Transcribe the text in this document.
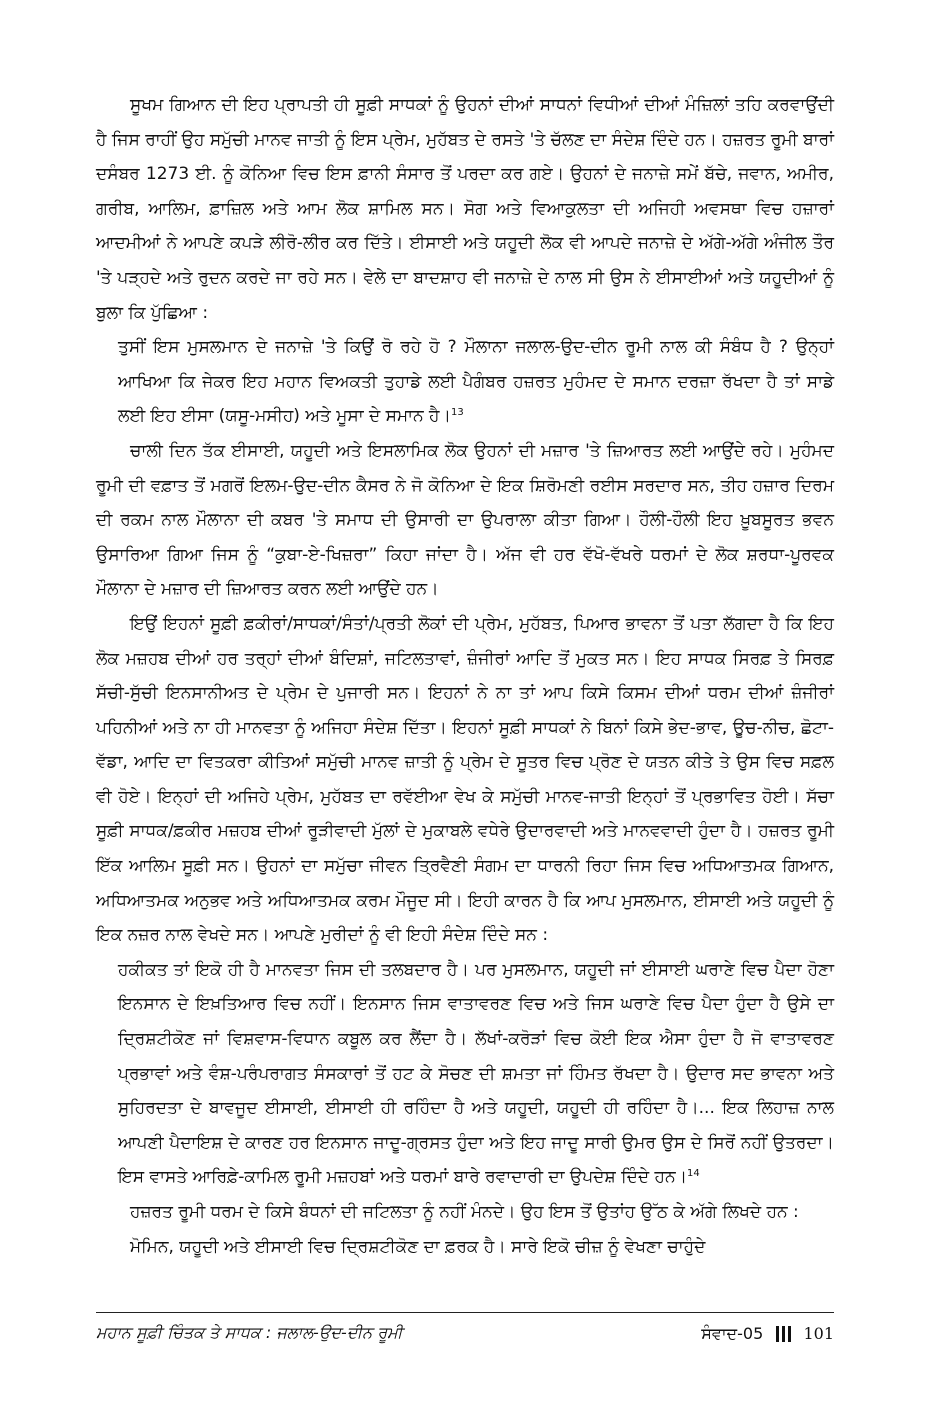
ਸੂਖਮ ਗਿਆਨ ਦੀ ਇਹ ਪ੍ਰਾਪਤੀ ਹੀ ਸੂਫ਼ੀ ਸਾਧਕਾਂ ਨੂੰ ਉਹਨਾਂ ਦੀਆਂ ਸਾਧਨਾਂ ਵਿਧੀਆਂ ਦੀਆਂ ਮੰਜ਼ਿਲਾਂ ਤਹਿ ਕਰਵਾਉਂਦੀ ਹੈ ਜਿਸ ਰਾਹੀਂ ਉਹ ਸਮੁੱਚੀ ਮਾਨਵ ਜਾਤੀ ਨੂੰ ਇਸ ਪ੍ਰੇਮ, ਮੁਹੱਬਤ ਦੇ ਰਸਤੇ 'ਤੇ ਚੱਲਣ ਦਾ ਸੰਦੇਸ਼ ਦਿੰਦੇ ਹਨ। ਹਜ਼ਰਤ ਰੂਮੀ ਬਾਰਾਂ ਦਸੰਬਰ 1273 ਈ. ਨੂੰ ਕੋਨਿਆ ਵਿਚ ਇਸ ਫ਼ਾਨੀ ਸੰਸਾਰ ਤੋਂ ਪਰਦਾ ਕਰ ਗਏ। ਉਹਨਾਂ ਦੇ ਜਨਾਜ਼ੇ ਸਮੇਂ ਬੱਚੇ, ਜਵਾਨ, ਅਮੀਰ, ਗਰੀਬ, ਆਲਿਮ, ਫ਼ਾਜ਼ਿਲ ਅਤੇ ਆਮ ਲੋਕ ਸ਼ਾਮਿਲ ਸਨ। ਸੋਗ ਅਤੇ ਵਿਆਕੁਲਤਾ ਦੀ ਅਜਿਹੀ ਅਵਸਥਾ ਵਿਚ ਹਜ਼ਾਰਾਂ ਆਦਮੀਆਂ ਨੇ ਆਪਣੇ ਕਪੜੇ ਲੀਰੋ-ਲੀਰ ਕਰ ਦਿੱਤੇ। ਈਸਾਈ ਅਤੇ ਯਹੂਦੀ ਲੋਕ ਵੀ ਆਪਦੇ ਜਨਾਜ਼ੇ ਦੇ ਅੱਗੇ-ਅੱਗੇ ਅੰਜੀਲ ਤੌਰ 'ਤੇ ਪੜ੍ਹਦੇ ਅਤੇ ਰੁਦਨ ਕਰਦੇ ਜਾ ਰਹੇ ਸਨ। ਵੇਲੇ ਦਾ ਬਾਦਸ਼ਾਹ ਵੀ ਜਨਾਜ਼ੇ ਦੇ ਨਾਲ ਸੀ ਉਸ ਨੇ ਈਸਾਈਆਂ ਅਤੇ ਯਹੂਦੀਆਂ ਨੂੰ ਬੁਲਾ ਕਿ ਪੁੱਛਿਆ :

ਤੁਸੀਂ ਇਸ ਮੁਸਲਮਾਨ ਦੇ ਜਨਾਜ਼ੇ 'ਤੇ ਕਿਉਂ ਰੋ ਰਹੇ ਹੋ ? ਮੌਲਾਨਾ ਜਲਾਲ-ਉਦ-ਦੀਨ ਰੂਮੀ ਨਾਲ ਕੀ ਸੰਬੰਧ ਹੈ ? ਉਨ੍ਹਾਂ ਆਖਿਆ ਕਿ ਜੇਕਰ ਇਹ ਮਹਾਨ ਵਿਅਕਤੀ ਤੁਹਾਡੇ ਲਈ ਪੈਗੰਬਰ ਹਜ਼ਰਤ ਮੁਹੰਮਦ ਦੇ ਸਮਾਨ ਦਰਜ਼ਾ ਰੱਖਦਾ ਹੈ ਤਾਂ ਸਾਡੇ ਲਈ ਇਹ ਈਸਾ (ਯਸੂ-ਮਸੀਹ) ਅਤੇ ਮੂਸਾ ਦੇ ਸਮਾਨ ਹੈ।$^{13}$

ਚਾਲੀ ਦਿਨ ਤੱਕ ਈਸਾਈ, ਯਹੂਦੀ ਅਤੇ ਇਸਲਾਮਿਕ ਲੋਕ ਉਹਨਾਂ ਦੀ ਮਜ਼ਾਰ 'ਤੇ ਜ਼ਿਆਰਤ ਲਈ ਆਉਂਦੇ ਰਹੇ। ਮੁਹੰਮਦ ਰੂਮੀ ਦੀ ਵਫ਼ਾਤ ਤੋਂ ਮਗਰੋਂ ਇਲਮ-ਉਦ-ਦੀਨ ਕੈਸਰ ਨੇ ਜੋ ਕੋਨਿਆ ਦੇ ਇਕ ਸ਼ਿਰੋਮਣੀ ਰਈਸ ਸਰਦਾਰ ਸਨ, ਤੀਹ ਹਜ਼ਾਰ ਦਿਰਮ ਦੀ ਰਕਮ ਨਾਲ ਮੌਲਾਨਾ ਦੀ ਕਬਰ 'ਤੇ ਸਮਾਧ ਦੀ ਉਸਾਰੀ ਦਾ ਉਪਰਾਲਾ ਕੀਤਾ ਗਿਆ। ਹੌਲੀ-ਹੌਲੀ ਇਹ ਖ਼ੂਬਸੂਰਤ ਭਵਨ ਉਸਾਰਿਆ ਗਿਆ ਜਿਸ ਨੂੰ “ਕੁਬਾ-ਏ-ਖਿਜ਼ਰਾ” ਕਿਹਾ ਜਾਂਦਾ ਹੈ। ਅੱਜ ਵੀ ਹਰ ਵੱਖੋ-ਵੱਖਰੇ ਧਰਮਾਂ ਦੇ ਲੋਕ ਸ਼ਰਧਾ-ਪੂਰਵਕ ਮੌਲਾਨਾ ਦੇ ਮਜ਼ਾਰ ਦੀ ਜ਼ਿਆਰਤ ਕਰਨ ਲਈ ਆਉਂਦੇ ਹਨ।

ਇਉਂ ਇਹਨਾਂ ਸੂਫ਼ੀ ਫ਼ਕੀਰਾਂ/ਸਾਧਕਾਂ/ਸੰਤਾਂ/ਪ੍ਰਤੀ ਲੋਕਾਂ ਦੀ ਪ੍ਰੇਮ, ਮੁਹੱਬਤ, ਪਿਆਰ ਭਾਵਨਾ ਤੋਂ ਪਤਾ ਲੱਗਦਾ ਹੈ ਕਿ ਇਹ ਲੋਕ ਮਜ਼ਹਬ ਦੀਆਂ ਹਰ ਤਰ੍ਹਾਂ ਦੀਆਂ ਬੰਦਿਸ਼ਾਂ, ਜਟਿਲਤਾਵਾਂ, ਜ਼ੰਜੀਰਾਂ ਆਦਿ ਤੋਂ ਮੁਕਤ ਸਨ। ਇਹ ਸਾਧਕ ਸਿਰਫ਼ ਤੇ ਸਿਰਫ਼ ਸੱਚੀ-ਸੁੱਚੀ ਇਨਸਾਨੀਅਤ ਦੇ ਪ੍ਰੇਮ ਦੇ ਪੁਜਾਰੀ ਸਨ। ਇਹਨਾਂ ਨੇ ਨਾ ਤਾਂ ਆਪ ਕਿਸੇ ਕਿਸਮ ਦੀਆਂ ਧਰਮ ਦੀਆਂ ਜ਼ੰਜੀਰਾਂ ਪਹਿਨੀਆਂ ਅਤੇ ਨਾ ਹੀ ਮਾਨਵਤਾ ਨੂੰ ਅਜਿਹਾ ਸੰਦੇਸ਼ ਦਿੱਤਾ। ਇਹਨਾਂ ਸੂਫ਼ੀ ਸਾਧਕਾਂ ਨੇ ਬਿਨਾਂ ਕਿਸੇ ਭੇਦ-ਭਾਵ, ਊਚ-ਨੀਚ, ਛੋਟਾ-ਵੱਡਾ, ਆਦਿ ਦਾ ਵਿਤਕਰਾ ਕੀਤਿਆਂ ਸਮੁੱਚੀ ਮਾਨਵ ਜ਼ਾਤੀ ਨੂੰ ਪ੍ਰੇਮ ਦੇ ਸੂਤਰ ਵਿਚ ਪ੍ਰੋਣ ਦੇ ਯਤਨ ਕੀਤੇ ਤੇ ਉਸ ਵਿਚ ਸਫ਼ਲ ਵੀ ਹੋਏ। ਇਨ੍ਹਾਂ ਦੀ ਅਜਿਹੇ ਪ੍ਰੇਮ, ਮੁਹੱਬਤ ਦਾ ਰਵੱਈਆ ਵੇਖ ਕੇ ਸਮੁੱਚੀ ਮਾਨਵ-ਜਾਤੀ ਇਨ੍ਹਾਂ ਤੋਂ ਪ੍ਰਭਾਵਿਤ ਹੋਈ। ਸੱਚਾ ਸੂਫ਼ੀ ਸਾਧਕ/ਫ਼ਕੀਰ ਮਜ਼ਹਬ ਦੀਆਂ ਰੂੜੀਵਾਦੀ ਮੁੱਲਾਂ ਦੇ ਮੁਕਾਬਲੇ ਵਧੇਰੇ ਉਦਾਰਵਾਦੀ ਅਤੇ ਮਾਨਵਵਾਦੀ ਹੁੰਦਾ ਹੈ। ਹਜ਼ਰਤ ਰੂਮੀ ਇੱਕ ਆਲਿਮ ਸੂਫ਼ੀ ਸਨ। ਉਹਨਾਂ ਦਾ ਸਮੁੱਚਾ ਜੀਵਨ ਤ੍ਰਿਵੈਣੀ ਸੰਗਮ ਦਾ ਧਾਰਨੀ ਰਿਹਾ ਜਿਸ ਵਿਚ ਅਧਿਆਤਮਕ ਗਿਆਨ, ਅਧਿਆਤਮਕ ਅਨੁਭਵ ਅਤੇ ਅਧਿਆਤਮਕ ਕਰਮ ਮੌਜੂਦ ਸੀ। ਇਹੀ ਕਾਰਨ ਹੈ ਕਿ ਆਪ ਮੁਸਲਮਾਨ, ਈਸਾਈ ਅਤੇ ਯਹੂਦੀ ਨੂੰ ਇਕ ਨਜ਼ਰ ਨਾਲ ਵੇਖਦੇ ਸਨ। ਆਪਣੇ ਮੁਰੀਦਾਂ ਨੂੰ ਵੀ ਇਹੀ ਸੰਦੇਸ਼ ਦਿੰਦੇ ਸਨ :

ਹਕੀਕਤ ਤਾਂ ਇਕੋ ਹੀ ਹੈ ਮਾਨਵਤਾ ਜਿਸ ਦੀ ਤਲਬਦਾਰ ਹੈ। ਪਰ ਮੁਸਲਮਾਨ, ਯਹੂਦੀ ਜਾਂ ਈਸਾਈ ਘਰਾਣੇ ਵਿਚ ਪੈਦਾ ਹੋਣਾ ਇਨਸਾਨ ਦੇ ਇਖ਼ਤਿਆਰ ਵਿਚ ਨਹੀਂ। ਇਨਸਾਨ ਜਿਸ ਵਾਤਾਵਰਣ ਵਿਚ ਅਤੇ ਜਿਸ ਘਰਾਣੇ ਵਿਚ ਪੈਦਾ ਹੁੰਦਾ ਹੈ ਉਸੇ ਦਾ ਦ੍ਰਿਸ਼ਟੀਕੋਣ ਜਾਂ ਵਿਸ਼ਵਾਸ-ਵਿਧਾਨ ਕਬੂਲ ਕਰ ਲੈਂਦਾ ਹੈ। ਲੱਖਾਂ-ਕਰੋੜਾਂ ਵਿਚ ਕੋਈ ਇਕ ਐਸਾ ਹੁੰਦਾ ਹੈ ਜੋ ਵਾਤਾਵਰਣ ਪ੍ਰਭਾਵਾਂ ਅਤੇ ਵੰਸ਼-ਪਰੰਪਰਾਗਤ ਸੰਸਕਾਰਾਂ ਤੋਂ ਹਟ ਕੇ ਸੋਚਣ ਦੀ ਸ਼ਮਤਾ ਜਾਂ ਹਿੰਮਤ ਰੱਖਦਾ ਹੈ। ਉਦਾਰ ਸਦ ਭਾਵਨਾ ਅਤੇ ਸੁਹਿਰਦਤਾ ਦੇ ਬਾਵਜੂਦ ਈਸਾਈ, ਈਸਾਈ ਹੀ ਰਹਿੰਦਾ ਹੈ ਅਤੇ ਯਹੂਦੀ, ਯਹੂਦੀ ਹੀ ਰਹਿੰਦਾ ਹੈ।... ਇਕ ਲਿਹਾਜ਼ ਨਾਲ ਆਪਣੀ ਪੈਦਾਇਸ਼ ਦੇ ਕਾਰਣ ਹਰ ਇਨਸਾਨ ਜਾਦੂ-ਗ੍ਰਸਤ ਹੁੰਦਾ ਅਤੇ ਇਹ ਜਾਦੂ ਸਾਰੀ ਉਮਰ ਉਸ ਦੇ ਸਿਰੋਂ ਨਹੀਂ ਉਤਰਦਾ। ਇਸ ਵਾਸਤੇ ਆਰਿਫ਼ੇ-ਕਾਮਿਲ ਰੂਮੀ ਮਜ਼ਹਬਾਂ ਅਤੇ ਧਰਮਾਂ ਬਾਰੇ ਰਵਾਦਾਰੀ ਦਾ ਉਪਦੇਸ਼ ਦਿੰਦੇ ਹਨ।$^{14}$

ਹਜ਼ਰਤ ਰੂਮੀ ਧਰਮ ਦੇ ਕਿਸੇ ਬੰਧਨਾਂ ਦੀ ਜਟਿਲਤਾ ਨੂੰ ਨਹੀਂ ਮੰਨਦੇ। ਉਹ ਇਸ ਤੋਂ ਉਤਾਂਹ ਉੱਠ ਕੇ ਅੱਗੇ ਲਿਖਦੇ ਹਨ :

ਮੋਮਿਨ, ਯਹੂਦੀ ਅਤੇ ਈਸਾਈ ਵਿਚ ਦ੍ਰਿਸ਼ਟੀਕੋਣ ਦਾ ਫ਼ਰਕ ਹੈ। ਸਾਰੇ ਇਕੋ ਚੀਜ਼ ਨੂੰ ਵੇਖਣਾ ਚਾਹੁੰਦੇ

ਮਹਾਨ ਸੂਫ਼ੀ ਚਿੰਤਕ ਤੇ ਸਾਧਕ : ਜਲਾਲ-ਉਦ-ਦੀਨ ਰੂਮੀ	ਸੰਵਾਦ-05	101
